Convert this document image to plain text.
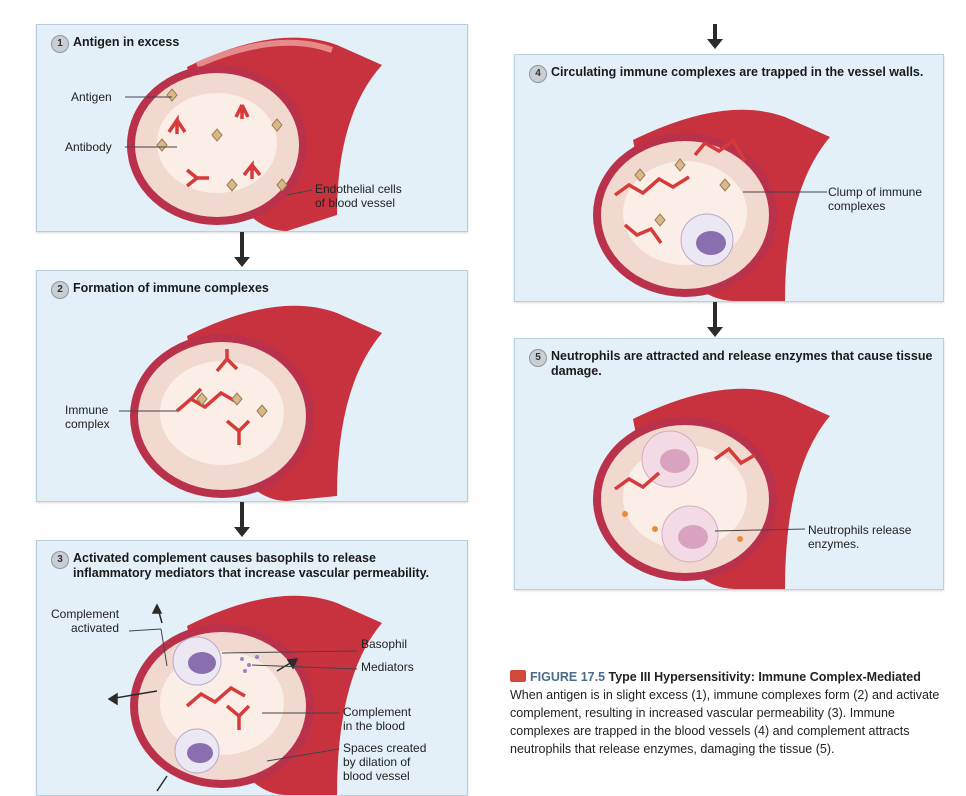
1 Antigen in excess
Antigen
Antibody
Endothelial cells
of blood vessel
2 Formation of immune complexes
Immune
complex
3 Activated complement causes basophils to release inflammatory mediators that increase vascular permeability.
Complement
activated
Basophil
Mediators
Complement
in the blood
Spaces created
by dilation of
blood vessel
4 Circulating immune complexes are trapped in the vessel walls.
Clump of immune
complexes
5 Neutrophils are attracted and release enzymes that cause tissue damage.
Neutrophils release
enzymes.
FIGURE 17.5 Type III Hypersensitivity: Immune Complex-Mediated When antigen is in slight excess (1), immune complexes form (2) and activate complement, resulting in increased vascular permeability (3). Immune complexes are trapped in the blood vessels (4) and complement attracts neutrophils that release enzymes, damaging the tissue (5).
